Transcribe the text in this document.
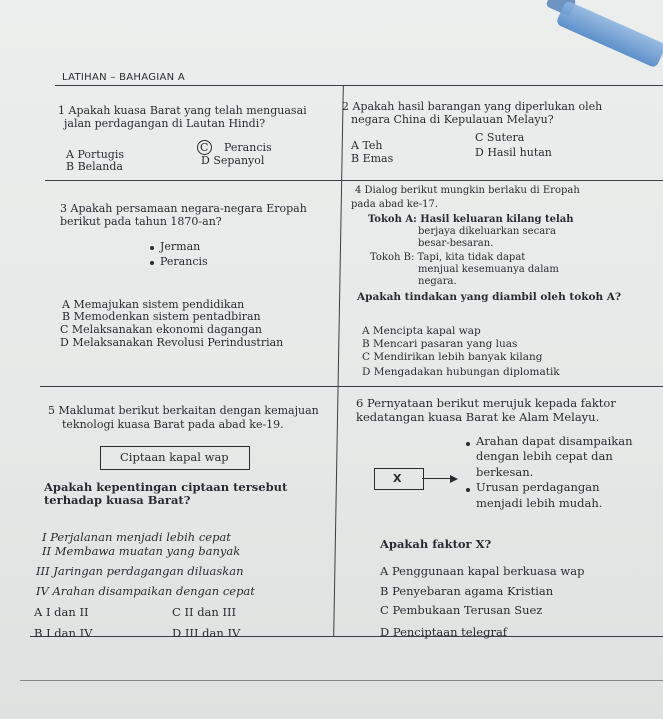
LATIHAN – BAHAGIAN A
1 Apakah kuasa Barat yang telah menguasai
jalan perdagangan di Lautan Hindi?
A Portugis
B Belanda
C Perancis
D Sepanyol
2 Apakah hasil barangan yang diperlukan oleh
negara China di Kepulauan Melayu?
A Teh
B Emas
C Sutera
D Hasil hutan
3 Apakah persamaan negara-negara Eropah
berikut pada tahun 1870-an?
Jerman
Perancis
A Memajukan sistem pendidikan
B Memodenkan sistem pentadbiran
C Melaksanakan ekonomi dagangan
D Melaksanakan Revolusi Perindustrian
4 Dialog berikut mungkin berlaku di Eropah
pada abad ke-17.
Tokoh A: Hasil keluaran kilang telah
berjaya dikeluarkan secara
besar-besaran.
Tokoh B: Tapi, kita tidak dapat
menjual kesemuanya dalam
negara.
Apakah tindakan yang diambil oleh tokoh A?
A Mencipta kapal wap
B Mencari pasaran yang luas
C Mendirikan lebih banyak kilang
D Mengadakan hubungan diplomatik
5 Maklumat berikut berkaitan dengan kemajuan
teknologi kuasa Barat pada abad ke-19.
Ciptaan kapal wap
Apakah kepentingan ciptaan tersebut
terhadap kuasa Barat?
I Perjalanan menjadi lebih cepat
II Membawa muatan yang banyak
III Jaringan perdagangan diluaskan
IV Arahan disampaikan dengan cepat
A I dan II
B I dan IV
C II dan III
D III dan IV
6 Pernyataan berikut merujuk kepada faktor
kedatangan kuasa Barat ke Alam Melayu.
Arahan dapat disampaikan
dengan lebih cepat dan
berkesan.
Urusan perdagangan
menjadi lebih mudah.
X
Apakah faktor X?
A Penggunaan kapal berkuasa wap
B Penyebaran agama Kristian
C Pembukaan Terusan Suez
D Penciptaan telegraf
